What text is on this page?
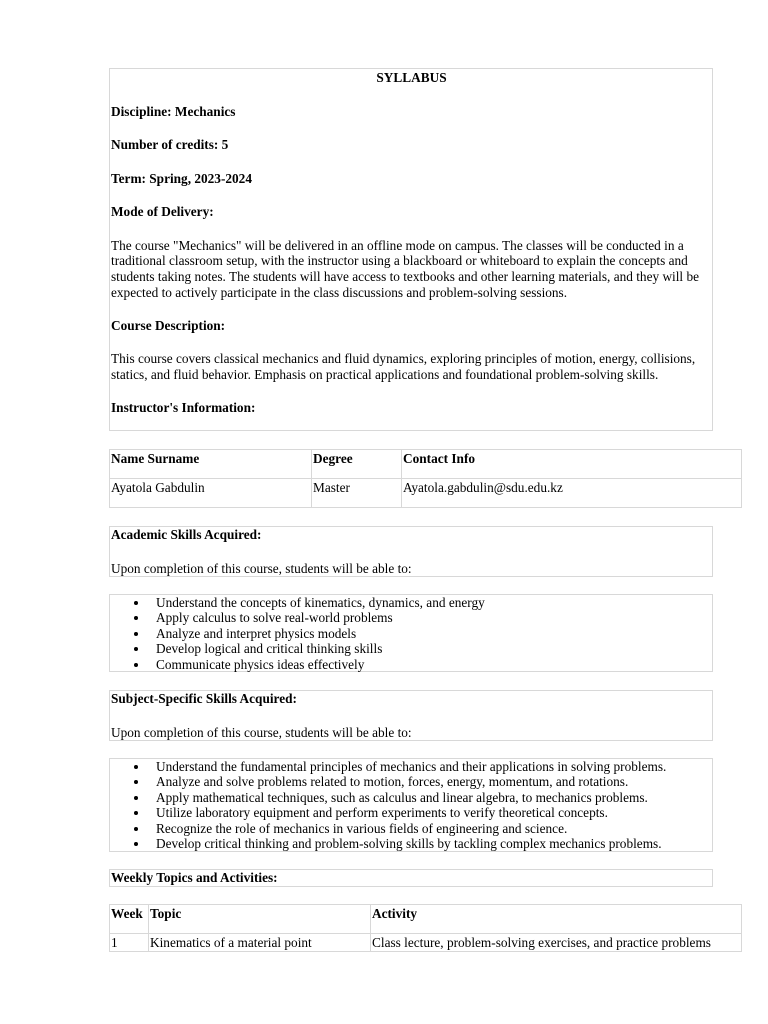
SYLLABUS

Discipline: Mechanics

Number of credits: 5

Term: Spring, 2023-2024

Mode of Delivery:

The course "Mechanics" will be delivered in an offline mode on campus. The classes will be conducted in a traditional classroom setup, with the instructor using a blackboard or whiteboard to explain the concepts and students taking notes. The students will have access to textbooks and other learning materials, and they will be expected to actively participate in the class discussions and problem-solving sessions.

Course Description:

This course covers classical mechanics and fluid dynamics, exploring principles of motion, energy, collisions, statics, and fluid behavior. Emphasis on practical applications and foundational problem-solving skills.

Instructor's Information:

Name Surname	Degree	Contact Info
Ayatola Gabdulin	Master	Ayatola.gabdulin@sdu.edu.kz

Academic Skills Acquired:

Upon completion of this course, students will be able to:

Understand the concepts of kinematics, dynamics, and energy
Apply calculus to solve real-world problems
Analyze and interpret physics models
Develop logical and critical thinking skills
Communicate physics ideas effectively

Subject-Specific Skills Acquired:

Upon completion of this course, students will be able to:

Understand the fundamental principles of mechanics and their applications in solving problems.
Analyze and solve problems related to motion, forces, energy, momentum, and rotations.
Apply mathematical techniques, such as calculus and linear algebra, to mechanics problems.
Utilize laboratory equipment and perform experiments to verify theoretical concepts.
Recognize the role of mechanics in various fields of engineering and science.
Develop critical thinking and problem-solving skills by tackling complex mechanics problems.

Weekly Topics and Activities:

Week	Topic	Activity
1	Kinematics of a material point	Class lecture, problem-solving exercises, and practice problems
